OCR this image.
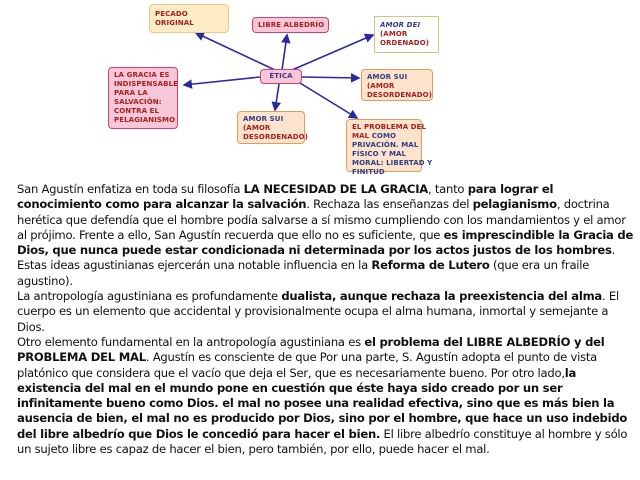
PECADO
ORIGINAL	LIBRE ALBEDRÍO	AMOR DEI
(AMOR
ORDENADO)
LA GRACIA ES
INDISPENSABLE
PARA LA
SALVACIÓN:
CONTRA EL
PELAGIANISMO
ÉTICA	AMOR SUI
(AMOR
DESORDENADO)
AMOR SUI
(AMOR
DESORDENADO)
EL PROBLEMA DEL
MAL COMO
PRIVACIÓN. MAL
FÍSICO Y MAL
MORAL: LIBERTAD Y
FINITUD

San Agustín enfatiza en toda su filosofía LA NECESIDAD DE LA GRACIA, tanto para lograr el conocimiento como para alcanzar la salvación. Rechaza las enseñanzas del pelagianismo, doctrina herética que defendía que el hombre podía salvarse a sí mismo cumpliendo con los mandamientos y el amor al prójimo. Frente a ello, San Agustín recuerda que ello no es suficiente, que es imprescindible la Gracia de Dios, que nunca puede estar condicionada ni determinada por los actos justos de los hombres. Estas ideas agustinianas ejercerán una notable influencia en la Reforma de Lutero (que era un fraile agustino).

La antropología agustiniana es profundamente dualista, aunque rechaza la preexistencia del alma. El cuerpo es un elemento que accidental y provisionalmente ocupa el alma humana, inmortal y semejante a Dios.

Otro elemento fundamental en la antropología agustiniana es el problema del LIBRE ALBEDRÍO y del PROBLEMA DEL MAL. Agustín es consciente de que Por una parte, S. Agustín adopta el punto de vista platónico que considera que el vacío que deja el Ser, que es necesariamente bueno. Por otro lado,la existencia del mal en el mundo pone en cuestión que éste haya sido creado por un ser infinitamente bueno como Dios. el mal no posee una realidad efectiva, sino que es más bien la ausencia de bien, el mal no es producido por Dios, sino por el hombre, que hace un uso indebido del libre albedrío que Dios le concedió para hacer el bien. El libre albedrío constituye al hombre y sólo un sujeto libre es capaz de hacer el bien, pero también, por ello, puede hacer el mal.
